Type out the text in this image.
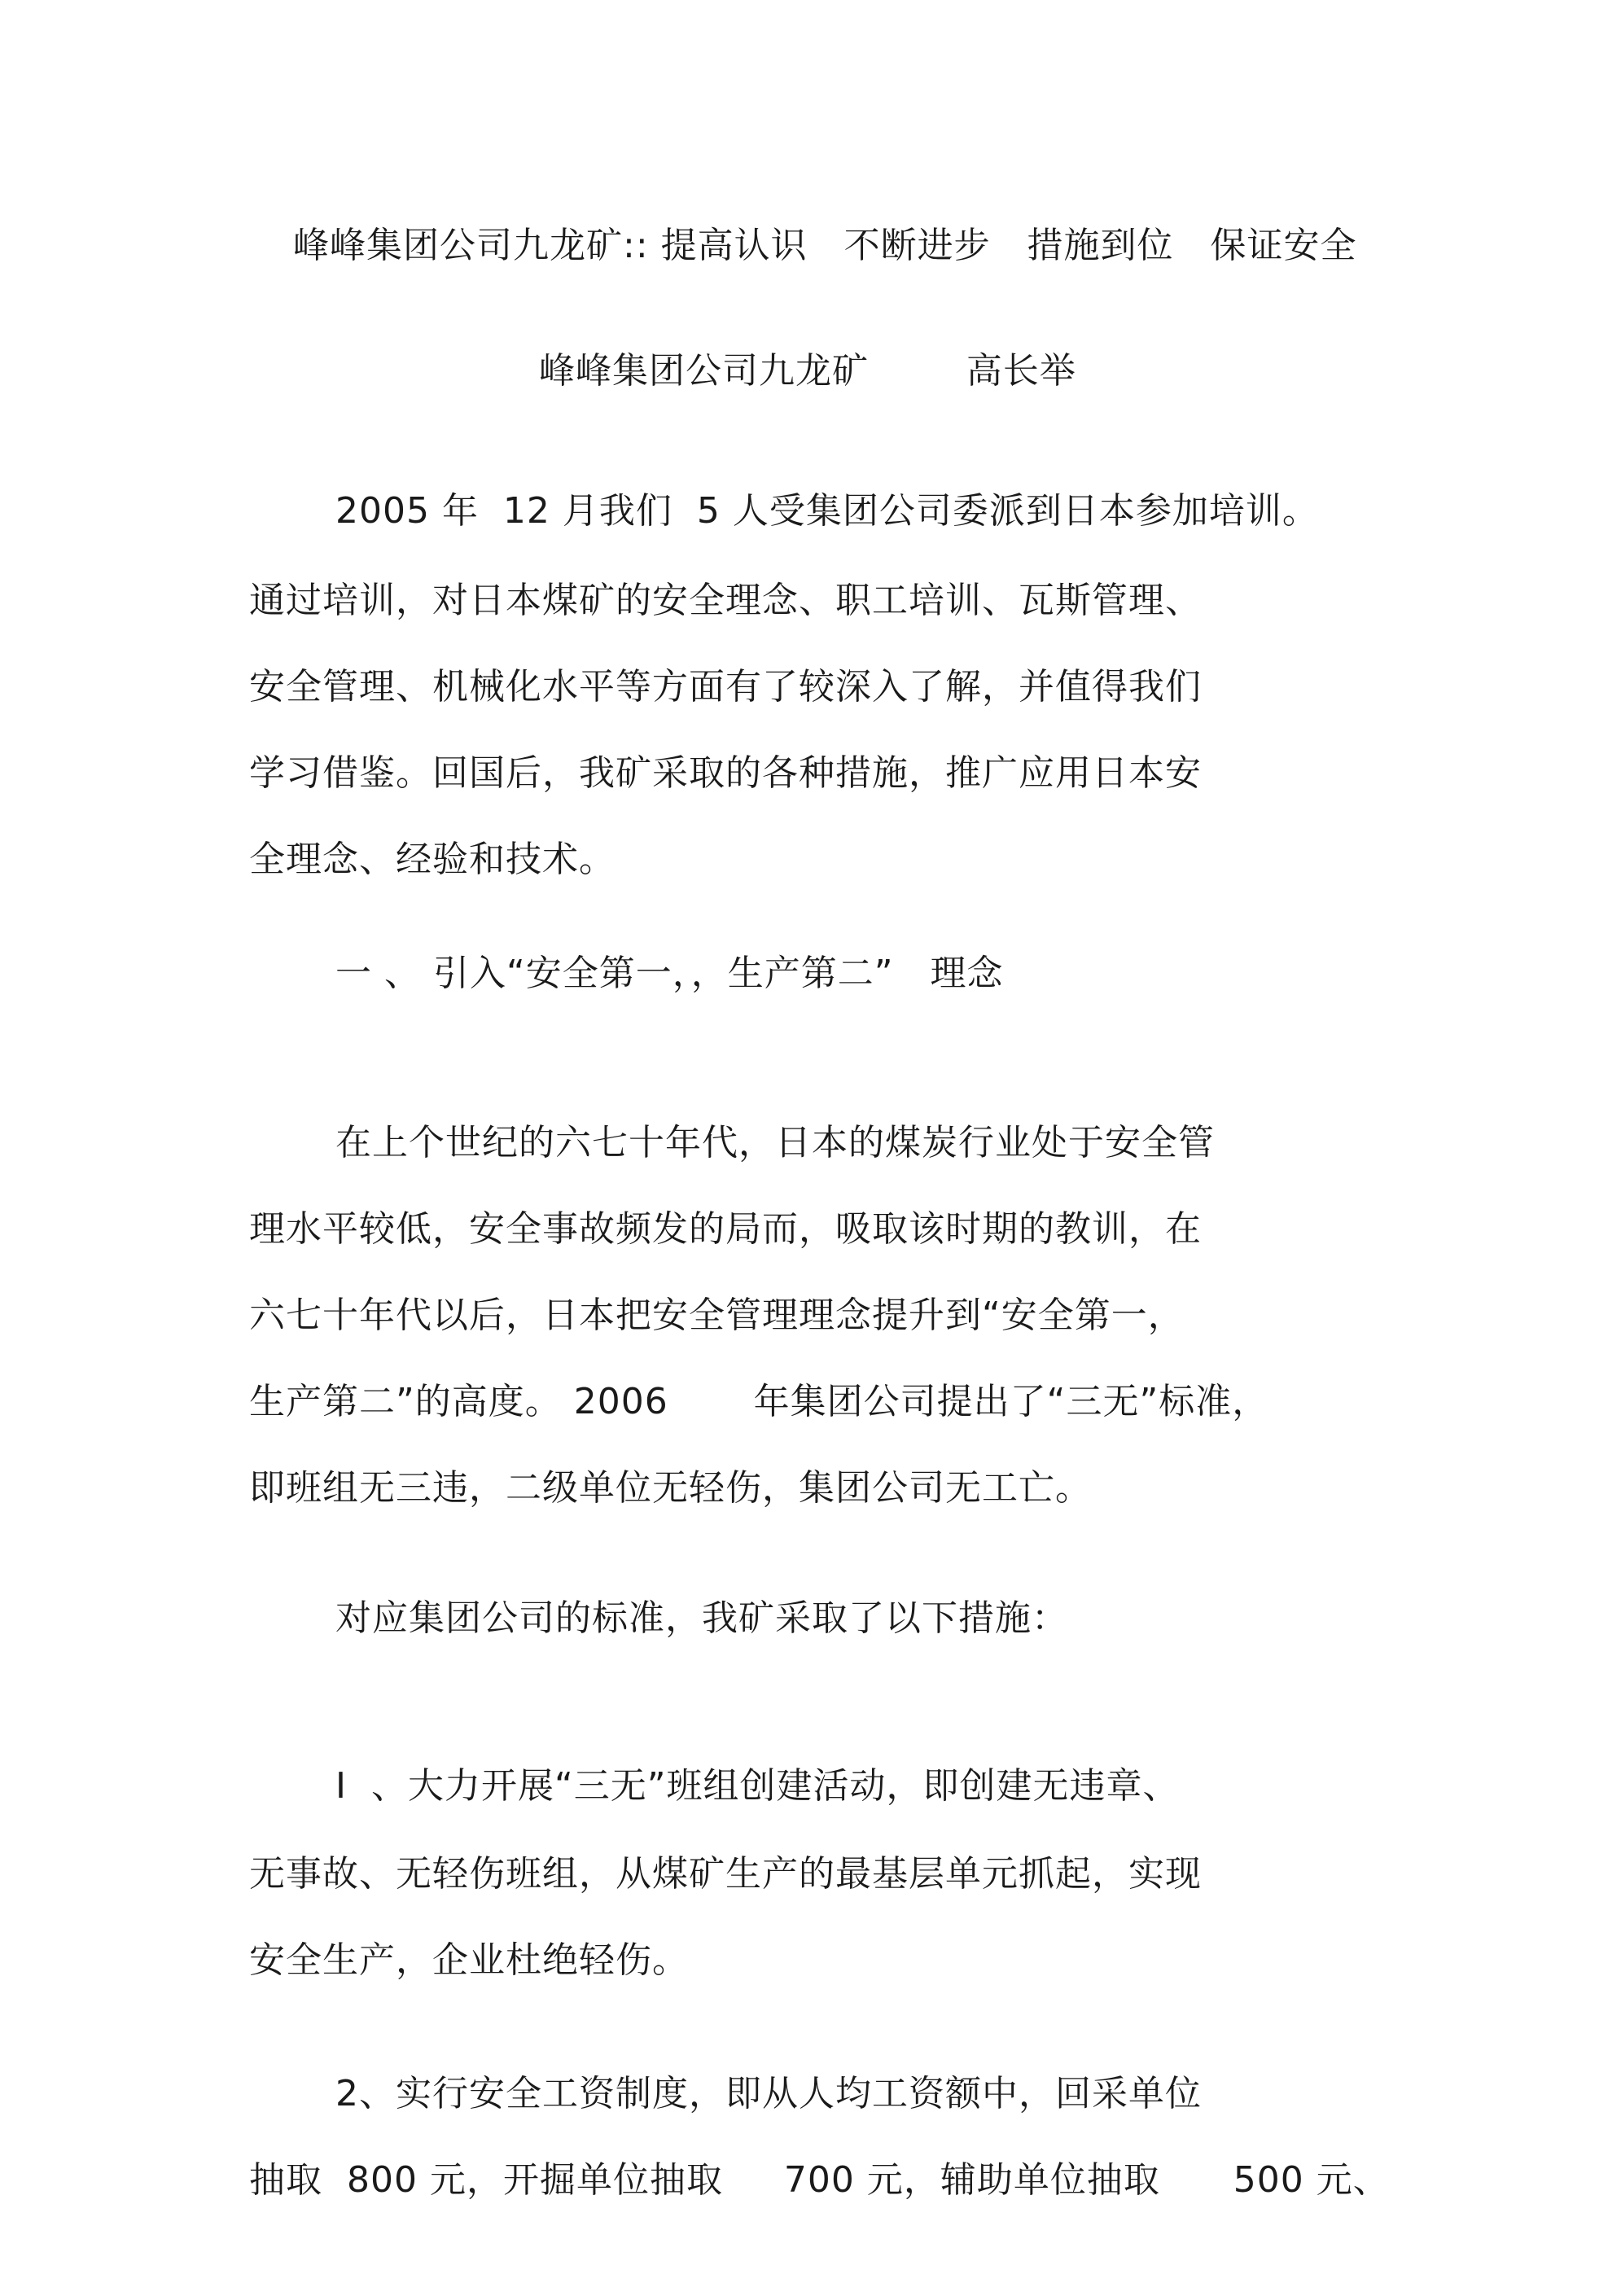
峰峰集团公司九龙矿:: 提高认识   不断进步   措施到位   保证安全
峰峰集团公司九龙矿        高长举
2005 年  12 月我们  5 人受集团公司委派到日本参加培训。
通过培训，对日本煤矿的安全理念、职工培训、瓦斯管理、
安全管理、机械化水平等方面有了较深入了解，并值得我们
学习借鉴。回国后，我矿采取的各种措施，推广应用日本安
全理念、经验和技术。
一 、 引入“安全第一，，生产第二”   理念
在上个世纪的六七十年代，日本的煤炭行业处于安全管
理水平较低，安全事故频发的局而，吸取该时期的教训，在
六七十年代以后，日本把安全管理理念提升到“安全第一，
生产第二”的高度。 2006       年集团公司提出了“三无”标准，
即班组无三违，二级单位无轻伤，集团公司无工亡。
对应集团公司的标准，我矿采取了以下措施：
I  、大力开展“三无”班组创建活动，即创建无违章、
无事故、无轻伤班组，从煤矿生产的最基层单元抓起，实现
安全生产，企业杜绝轻伤。
2、实行安全工资制度，即从人均工资额中，回采单位
抽取  800 元，开掘单位抽取     700 元，辅助单位抽取      500 元、
